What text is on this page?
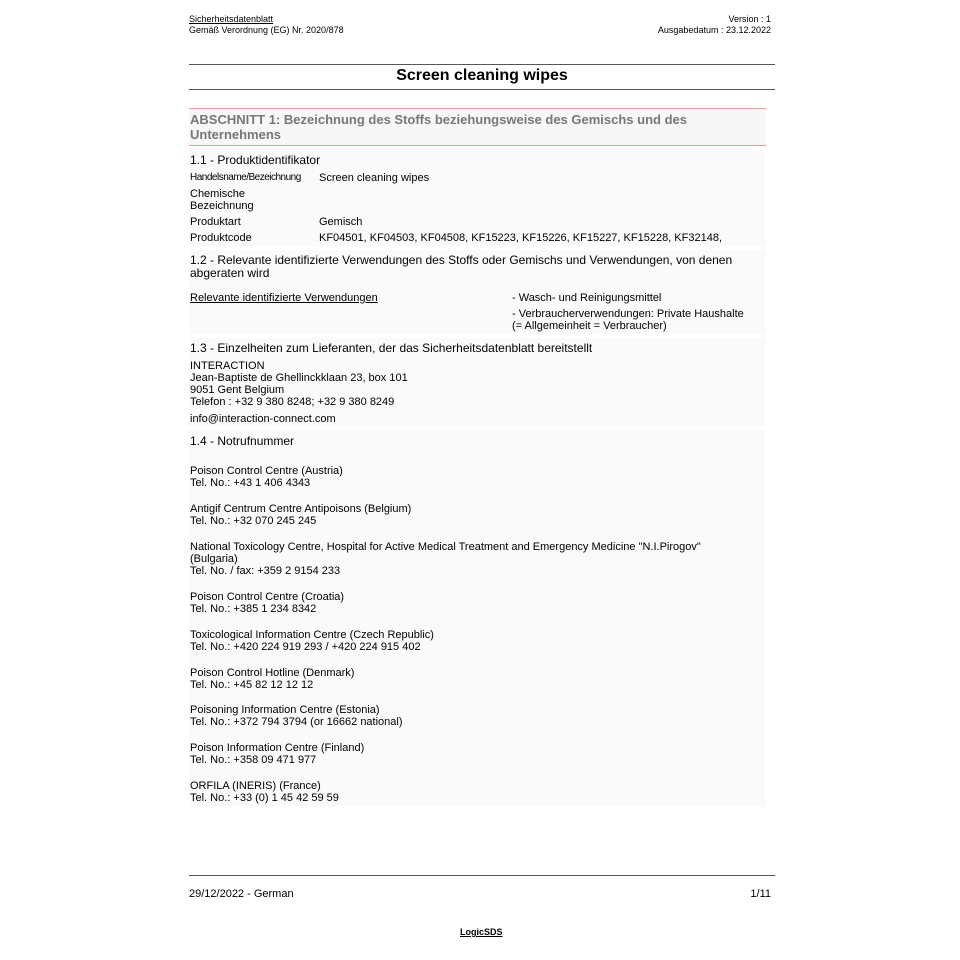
Sicherheitsdatenblatt
Gemäß Verordnung (EG) Nr. 2020/878
Version : 1
Ausgabedatum : 23.12.2022
Screen cleaning wipes
ABSCHNITT 1: Bezeichnung des Stoffs beziehungsweise des Gemischs und des Unternehmens
1.1 - Produktidentifikator
Handelsname/Bezeichnung Screen cleaning wipes
Chemische
Bezeichnung
Produktart	Gemisch
Produktcode	KF04501, KF04503, KF04508, KF15223, KF15226, KF15227, KF15228, KF32148,
1.2 - Relevante identifizierte Verwendungen des Stoffs oder Gemischs und Verwendungen, von denen abgeraten wird
Relevante identifizierte Verwendungen	- Wasch- und Reinigungsmittel
- Verbraucherverwendungen: Private Haushalte
(= Allgemeinheit = Verbraucher)
1.3 - Einzelheiten zum Lieferanten, der das Sicherheitsdatenblatt bereitstellt
INTERACTION
Jean-Baptiste de Ghellinckklaan 23, box 101
9051 Gent Belgium
Telefon : +32 9 380 8248; +32 9 380 8249
info@interaction-connect.com
1.4 - Notrufnummer
Poison Control Centre (Austria)
Tel. No.: +43 1 406 4343
Antigif Centrum Centre Antipoisons (Belgium)
Tel. No.: +32 070 245 245
National Toxicology Centre, Hospital for Active Medical Treatment and Emergency Medicine "N.I.Pirogov"
(Bulgaria)
Tel. No. / fax: +359 2 9154 233
Poison Control Centre (Croatia)
Tel. No.: +385 1 234 8342
Toxicological Information Centre (Czech Republic)
Tel. No.: +420 224 919 293 / +420 224 915 402
Poison Control Hotline (Denmark)
Tel. No.: +45 82 12 12 12
Poisoning Information Centre (Estonia)
Tel. No.: +372 794 3794 (or 16662 national)
Poison Information Centre (Finland)
Tel. No.: +358 09 471 977
ORFILA (INERIS) (France)
Tel. No.: +33 (0) 1 45 42 59 59
29/12/2022 - German	1/11
LogicSDS
